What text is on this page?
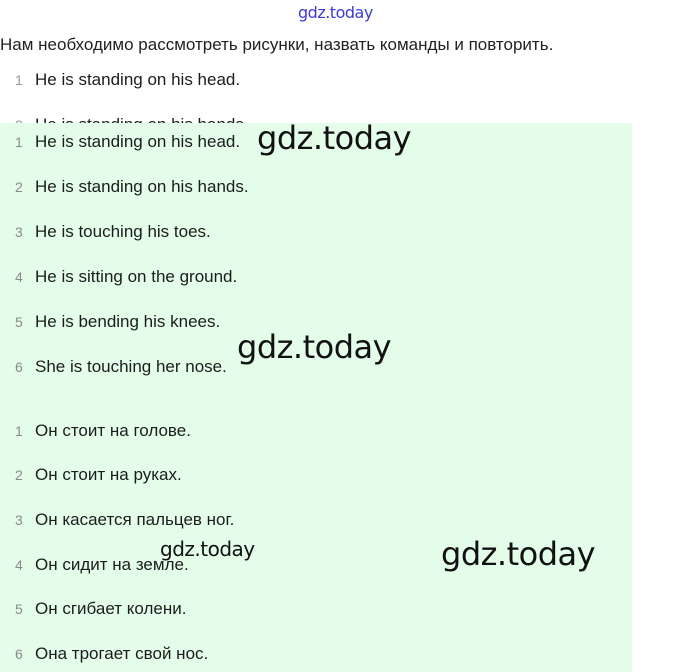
gdz.today
Нам необходимо рассмотреть рисунки, назвать команды и повторить.
1 He is standing on his head.
1 He is standing on his head.
2 He is standing on his hands.
3 He is touching his toes.
4 He is sitting on the ground.
5 He is bending his knees.
6 She is touching her nose.
1 Он стоит на голове.
2 Он стоит на руках.
3 Он касается пальцев ног.
4 Он сидит на земле.
5 Он сгибает колени.
6 Она трогает свой нос.
gdz.today
gdz.today
gdz.today	gdz.today
